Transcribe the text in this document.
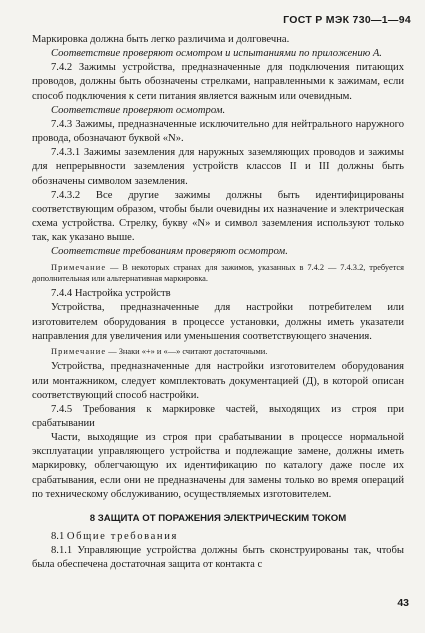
ГОСТ Р МЭК 730—1—94

Маркировка должна быть легко различима и долговечна.

Соответствие проверяют осмотром и испытаниями по приложению А.

7.4.2 Зажимы устройства, предназначенные для подключения питающих проводов, должны быть обозначены стрелками, направленными к зажимам, если способ подключения к сети питания является важным или очевидным.

Соответствие проверяют осмотром.

7.4.3 Зажимы, предназначенные исключительно для нейтрального наружного провода, обозначают буквой «N».

7.4.3.1 Зажимы заземления для наружных заземляющих проводов и зажимы для непрерывности заземления устройств классов II и III должны быть обозначены символом заземления.

7.4.3.2 Все другие зажимы должны быть идентифицированы соответствующим образом, чтобы были очевидны их назначение и электрическая схема устройства. Стрелку, букву «N» и символ заземления используют только так, как указано выше.

Соответствие требованиям проверяют осмотром.

Примечание — В некоторых странах для зажимов, указанных в 7.4.2 — 7.4.3.2, требуется дополнительная или альтернативная маркировка.

7.4.4 Настройка устройств

Устройства, предназначенные для настройки потребителем или изготовителем оборудования в процессе установки, должны иметь указатели направления для увеличения или уменьшения соответствующего значения.

Примечание — Знаки «+» и «—» считают достаточными.

Устройства, предназначенные для настройки изготовителем оборудования или монтажником, следует комплектовать документацией (Д), в которой описан соответствующий способ настройки.

7.4.5 Требования к маркировке частей, выходящих из строя при срабатывании

Части, выходящие из строя при срабатывании в процессе нормальной эксплуатации управляющего устройства и подлежащие замене, должны иметь маркировку, облегчающую их идентификацию по каталогу даже после их срабатывания, если они не предназначены для замены только во время операций по техническому обслуживанию, осуществляемых изготовителем.

8 ЗАЩИТА ОТ ПОРАЖЕНИЯ ЭЛЕКТРИЧЕСКИМ ТОКОМ

8.1 Общие требования

8.1.1 Управляющие устройства должны быть сконструированы так, чтобы была обеспечена достаточная защита от контакта с

43
